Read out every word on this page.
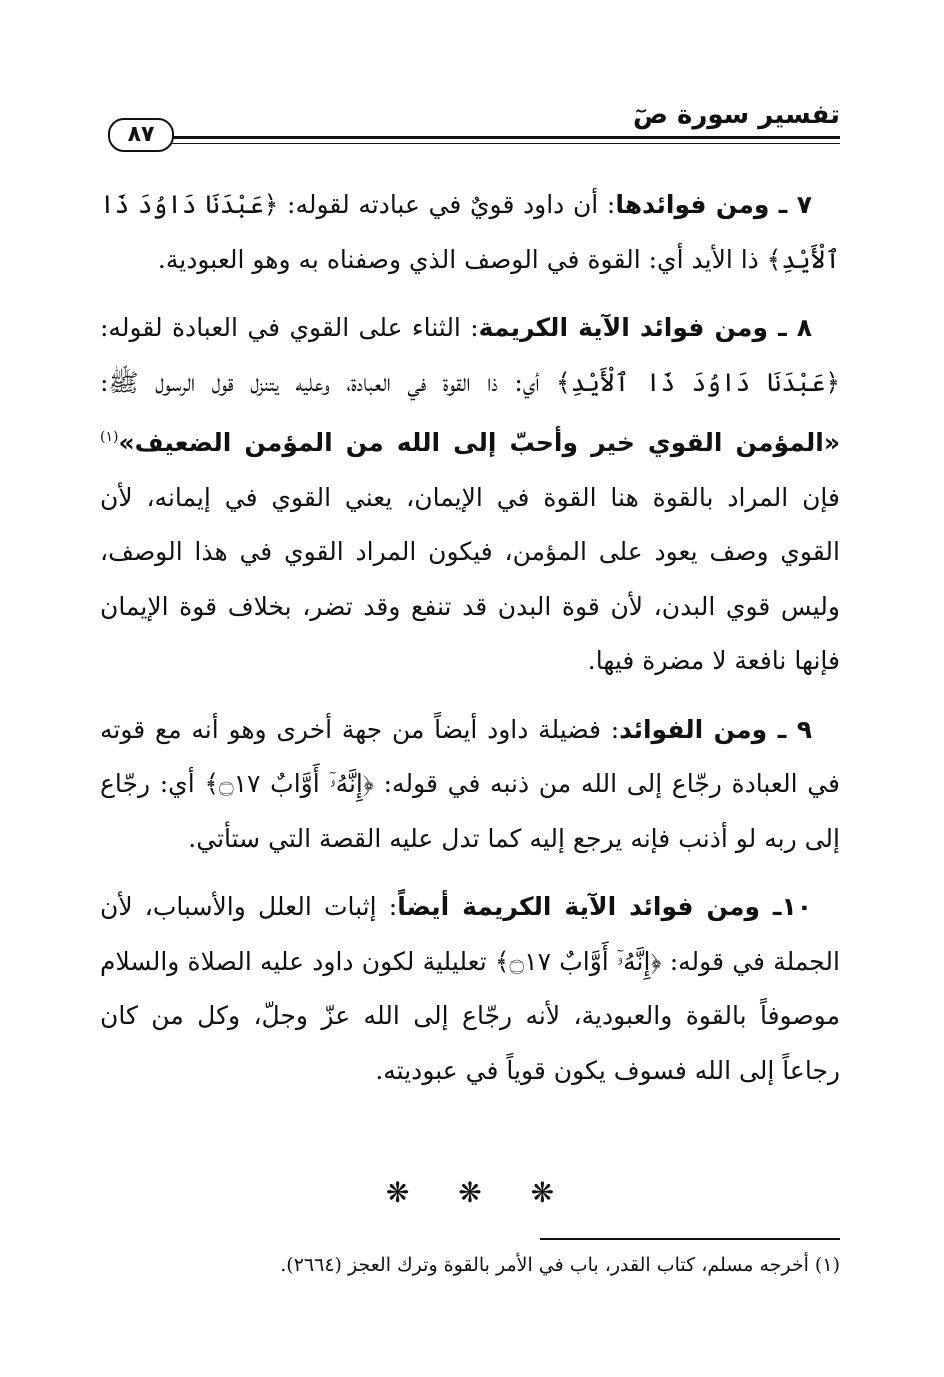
٨٧
تفسير سورة صٓ

٧ ـ ومن فوائدها: أن داود قويٌ في عبادته لقوله: ﴿عَبْدَنَا دَاوُدَ ذَا ٱلْأَيْدِ﴾ ذا الأيد أي: القوة في الوصف الذي وصفناه به وهو العبودية.

٨ ـ ومن فوائد الآية الكريمة: الثناء على القوي في العبادة لقوله: ﴿عَبْدَنَا دَاوُدَ ذَا ٱلْأَيْدِ﴾ أي: ذا القوة في العبادة، وعليه يتنزل قول الرسول ﷺ: «المؤمن القوي خير وأحبّ إلى الله من المؤمن الضعيف»$^{(١)}$ فإن المراد بالقوة هنا القوة في الإيمان، يعني القوي في إيمانه، لأن القوي وصف يعود على المؤمن، فيكون المراد القوي في هذا الوصف، وليس قوي البدن، لأن قوة البدن قد تنفع وقد تضر، بخلاف قوة الإيمان فإنها نافعة لا مضرة فيها.

٩ ـ ومن الفوائد: فضيلة داود أيضاً من جهة أخرى وهو أنه مع قوته في العبادة رجّاع إلى الله من ذنبه في قوله: ﴿إِنَّهُۥٓ أَوَّابٌ ۝١٧﴾ أي: رجّاع إلى ربه لو أذنب فإنه يرجع إليه كما تدل عليه القصة التي ستأتي.

١٠ـ ومن فوائد الآية الكريمة أيضاً: إثبات العلل والأسباب، لأن الجملة في قوله: ﴿إِنَّهُۥٓ أَوَّابٌ ۝١٧﴾ تعليلية لكون داود عليه الصلاة والسلام موصوفاً بالقوة والعبودية، لأنه رجّاع إلى الله عزّ وجلّ، وكل من كان رجاعاً إلى الله فسوف يكون قوياً في عبوديته.

❋ ❋ ❋
(١) أخرجه مسلم، كتاب القدر، باب في الأمر بالقوة وترك العجز (٢٦٦٤).
